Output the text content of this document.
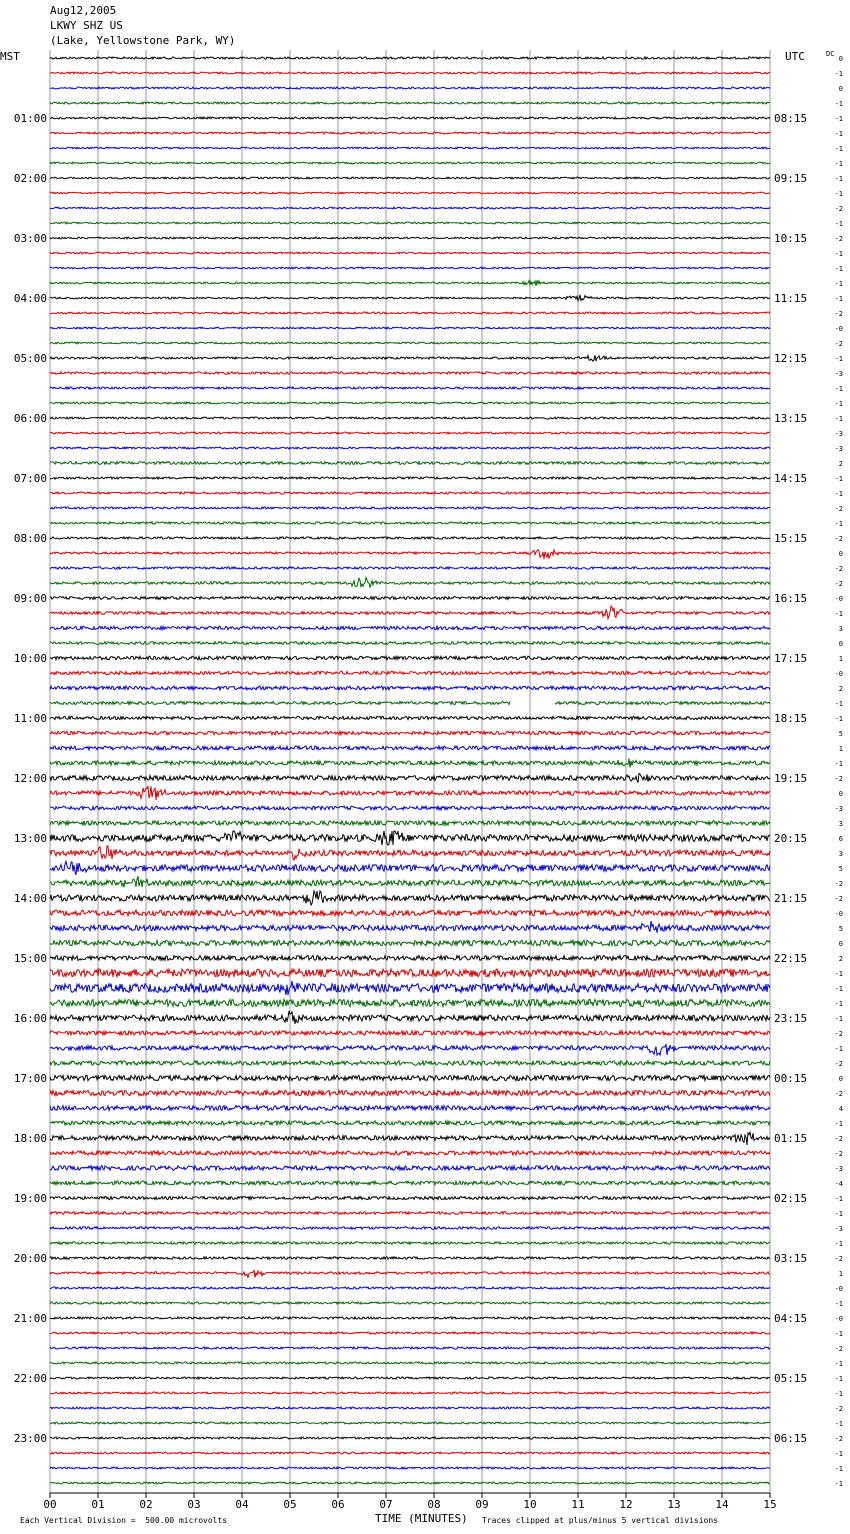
Aug12,2005
LKWY SHZ US
(Lake, Yellowstone Park, WY)
MST	UTC	0
-1
0
-1
-1
-1
-1
-1
-1
-1
-2
-1
-2
-1
-1
-1
-1
-2
-0
-2
-1
-3
-1
-1
-1
-3
-3
2
-1
-1
-2
-1
-2
0
-2
-2
-0
-1
3
0
1
-0
2
-1
-1
5
1
-1
-2
0
-3
3
6
3
5
-2
-2
-0
5
0
2
-1
-1
-1
-1
-2
-1
-2
0
-2
4
-1
-2
-2
-3
-4
-1
-1
-3
-1
-2
1
-0
-1
-0
-1
-2
-1
-1
-1
-2
-1
-2
-1
-1
-1
DC
01:00
02:00
03:00
04:00
05:00
06:00
07:00
08:00
09:00
10:00
11:00
12:00
13:00
14:00
15:00
16:00
17:00
18:00
19:00
20:00
21:00
22:00
23:00
08:15
09:15
10:15
11:15
12:15
13:15
14:15
15:15
16:15
17:15
18:15
19:15
20:15
21:15
22:15
23:15
00:15
01:15
02:15
03:15
04:15
05:15
06:15
00	01	02	03	04	05	06	07	08	09	10	11	12	13	14	15
Each Vertical Division =  500.00 microvolts	TIME (MINUTES) Traces clipped at plus/minus 5 vertical divisions
